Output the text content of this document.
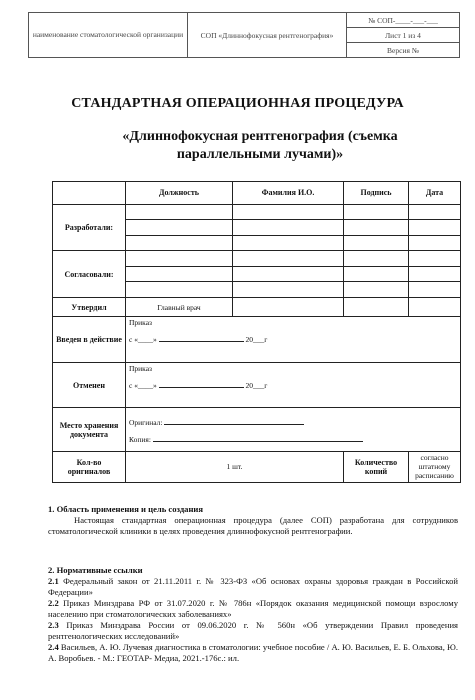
наименование стоматологической организации	СОП «Длиннофокусная рентгенография»	№ СОП-____-___-___
Лист 1 из 4
Версия №
СТАНДАРТНАЯ ОПЕРАЦИОННАЯ ПРОЦЕДУРА
«Длиннофокусная рентгенография (съемка
параллельными лучами)»
	Должность	Фамилия И.О.	Подпись	Дата
Разработали:				

Согласовали:				

Утвердил	Главный врач			
Введен в действие	Приказ
с «____» 20___г			

Отменен	Приказ
с «____» 20___г			

Место хранения документа	Оригинал:
Копия:			

Кол-во оригиналов	1 шт.		Количество копий	согласно штатному расписанию

1. Область применения и цель создания

Настоящая стандартная операционная процедура (далее СОП) разработана для сотрудников стоматологической клиники в целях проведения длиннофокусной рентгенографии.

2. Нормативные ссылки

2.1 Федеральный закон от 21.11.2011 г. № 323-ФЗ «Об основах охраны здоровья граждан в Российской Федерации»

2.2 Приказ Минздрава РФ от 31.07.2020 г. № 786н «Порядок оказания медицинской помощи взрослому населению при стоматологических заболеваниях»

2.3 Приказ Минздрава России от 09.06.2020 г. № 560н «Об утверждении Правил проведения рентгенологических исследований»

2.4 Васильев, А. Ю. Лучевая диагностика в стоматологии: учебное пособие / А. Ю. Васильев, Е. Б. Ольхова, Ю. А. Воробьев. - М.: ГЕОТАР- Медиа, 2021.-176с.: ил.
